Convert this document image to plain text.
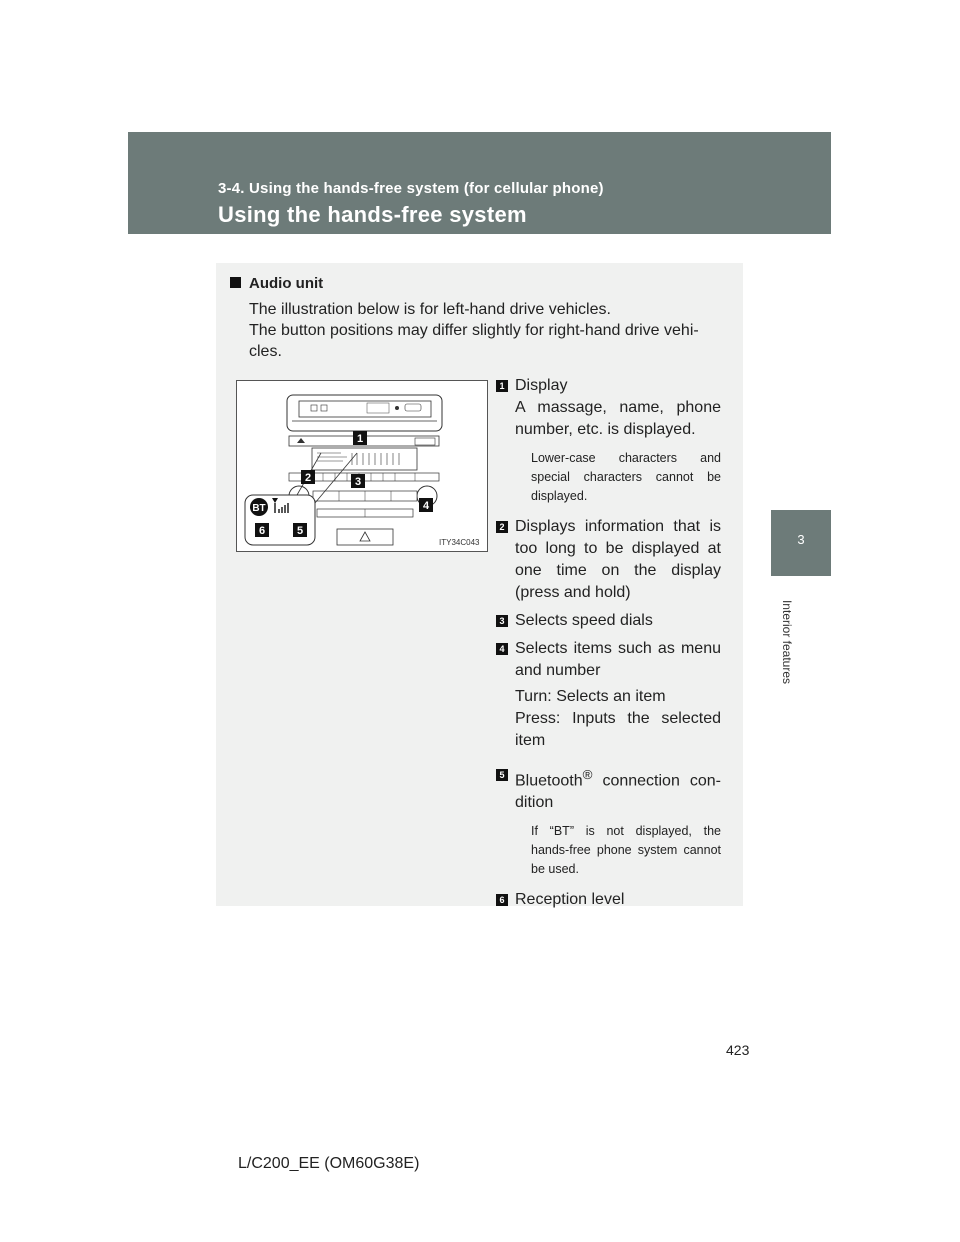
3-4. Using the hands-free system (for cellular phone)
Using the hands-free system
3
Interior features
Audio unit

The illustration below is for left-hand drive vehicles.

The button positions may differ slightly for right-hand drive vehi-cles.

BT
1
2	3
4
5
6
ITY34C043
1 Display
A massage, name, phone number, etc. is displayed.
Lower-case characters and special characters cannot be displayed.
2 Displays information that is too long to be displayed at one time on the display (press and hold)
3 Selects speed dials
4 Selects items such as menu and number
Turn: Selects an item
Press: Inputs the selected item
5 Bluetooth® connection con-dition
If “BT” is not displayed, the hands-free phone system cannot be used.
6 Reception level
423
L/C200_EE (OM60G38E)
